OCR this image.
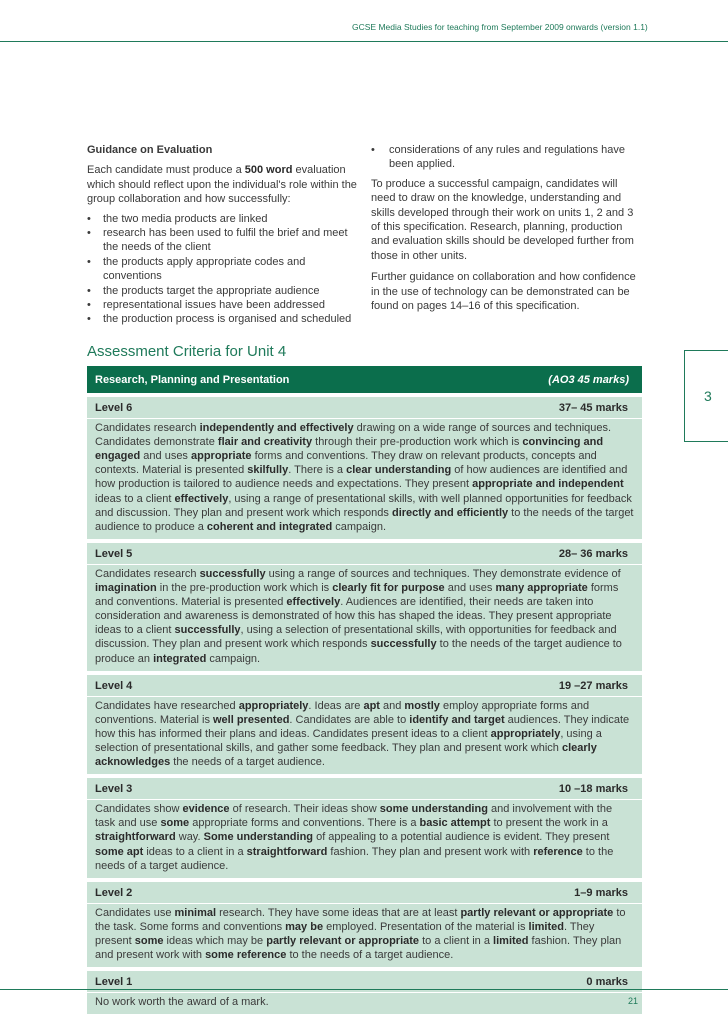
GCSE Media Studies for teaching from September 2009 onwards (version 1.1)
Guidance on Evaluation

Each candidate must produce a 500 word evaluation which should reflect upon the individual's role within the group collaboration and how successfully:

• the two media products are linked
• research has been used to fulfil the brief and meet the needs of the client
• the products apply appropriate codes and conventions
• the products target the appropriate audience
• representational issues have been addressed
• the production process is organised and scheduled
• considerations of any rules and regulations have been applied.

To produce a successful campaign, candidates will need to draw on the knowledge, understanding and skills developed through their work on units 1, 2 and 3 of this specification. Research, planning, production and evaluation skills should be developed further from those in other units.

Further guidance on collaboration and how confidence in the use of technology can be demonstrated can be found on pages 14–16 of this specification.

Assessment Criteria for Unit 4
Research, Planning and Presentation	(AO3 45 marks)
Level 6	37– 45 marks
Candidates research independently and effectively drawing on a wide range of sources and techniques. Candidates demonstrate flair and creativity through their pre-production work which is convincing and engaged and uses appropriate forms and conventions. They draw on relevant products, concepts and contexts. Material is presented skilfully. There is a clear understanding of how audiences are identified and how production is tailored to audience needs and expectations. They present appropriate and independent ideas to a client effectively, using a range of presentational skills, with well planned opportunities for feedback and discussion. They plan and present work which responds directly and efficiently to the needs of the target audience to produce a coherent and integrated campaign.
Level 5	28– 36 marks
Candidates research successfully using a range of sources and techniques. They demonstrate evidence of imagination in the pre-production work which is clearly fit for purpose and uses many appropriate forms and conventions. Material is presented effectively. Audiences are identified, their needs are taken into consideration and awareness is demonstrated of how this has shaped the ideas. They present appropriate ideas to a client successfully, using a selection of presentational skills, with opportunities for feedback and discussion. They plan and present work which responds successfully to the needs of the target audience to produce an integrated campaign.
Level 4	19 –27 marks
Candidates have researched appropriately. Ideas are apt and mostly employ appropriate forms and conventions. Material is well presented. Candidates are able to identify and target audiences. They indicate how this has informed their plans and ideas. Candidates present ideas to a client appropriately, using a selection of presentational skills, and gather some feedback. They plan and present work which clearly acknowledges the needs of a target audience.
Level 3	10 –18 marks
Candidates show evidence of research. Their ideas show some understanding and involvement with the task and use some appropriate forms and conventions. There is a basic attempt to present the work in a straightforward way. Some understanding of appealing to a potential audience is evident. They present some apt ideas to a client in a straightforward fashion. They plan and present work with reference to the needs of a target audience.
Level 2	1–9 marks
Candidates use minimal research. They have some ideas that are at least partly relevant or appropriate to the task. Some forms and conventions may be employed. Presentation of the material is limited. They present some ideas which may be partly relevant or appropriate to a client in a limited fashion. They plan and present work with some reference to the needs of a target audience.
Level 1	0 marks
No work worth the award of a mark.
3
21
